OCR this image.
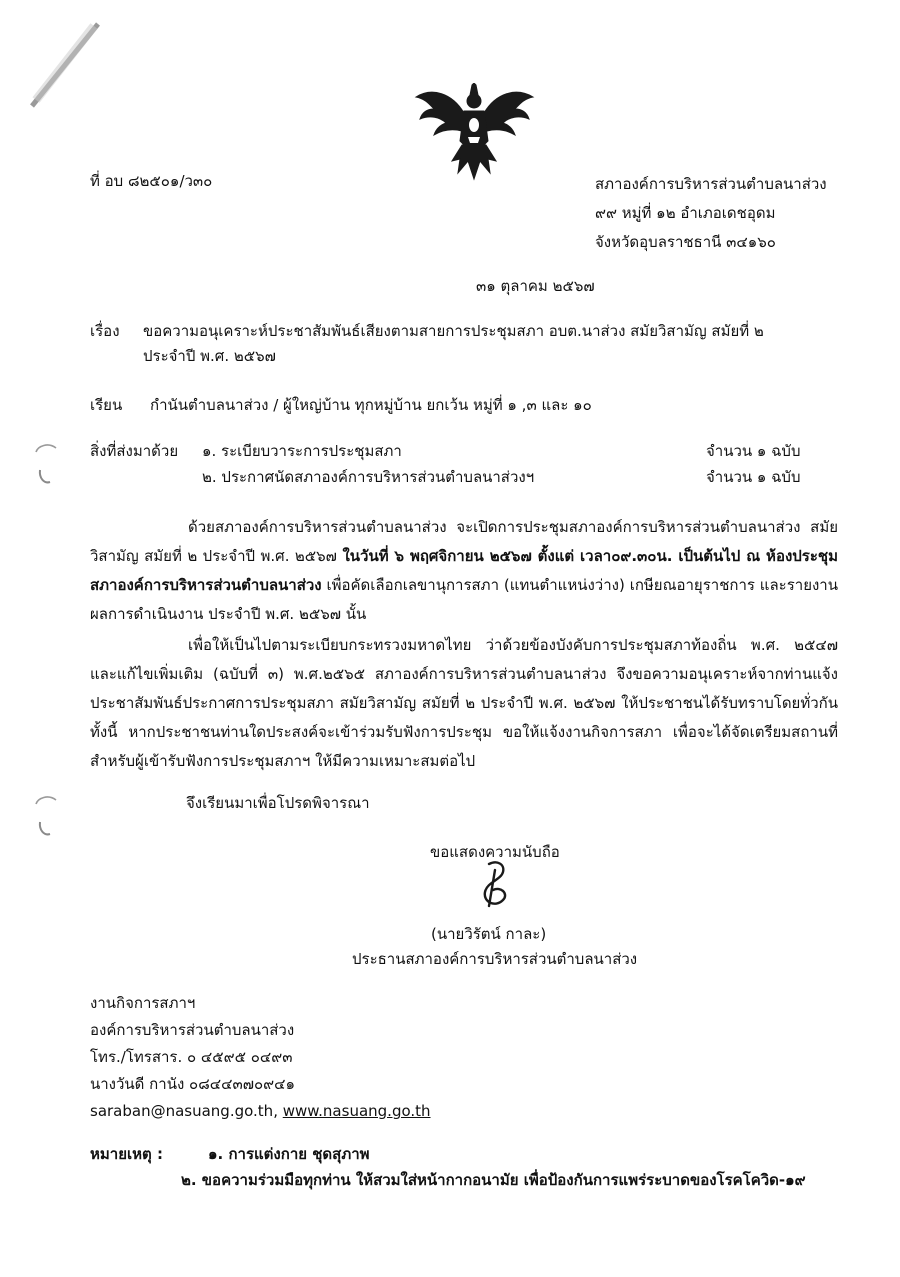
ที่ อบ ๘๒๕๐๑/ว๓๐	สภาองค์การบริหารส่วนตำบลนาส่วง
๙๙ หมู่ที่ ๑๒ อำเภอเดชอุดม
จังหวัดอุบลราชธานี ๓๔๑๖๐
๓๑ ตุลาคม ๒๕๖๗
เรื่อง ขอความอนุเคราะห์ประชาสัมพันธ์เสียงตามสายการประชุมสภา อบต.นาส่วง สมัยวิสามัญ สมัยที่ ๒
ประจำปี พ.ศ. ๒๕๖๗
เรียน กำนันตำบลนาส่วง / ผู้ใหญ่บ้าน ทุกหมู่บ้าน ยกเว้น หมู่ที่ ๑ ,๓ และ ๑๐
สิ่งที่ส่งมาด้วย ๑. ระเบียบวาระการประชุมสภา	จำนวน ๑ ฉบับ
๒. ประกาศนัดสภาองค์การบริหารส่วนตำบลนาส่วงฯ	จำนวน ๑ ฉบับ
ด้วยสภาองค์การบริหารส่วนตำบลนาส่วง จะเปิดการประชุมสภาองค์การบริหารส่วนตำบลนาส่วง สมัยวิสามัญ สมัยที่ ๒ ประจำปี พ.ศ. ๒๕๖๗ ในวันที่ ๖ พฤศจิกายน ๒๕๖๗ ตั้งแต่ เวลา๐๙.๓๐น. เป็นต้นไป ณ ห้องประชุมสภาองค์การบริหารส่วนตำบลนาส่วง เพื่อคัดเลือกเลขานุการสภา (แทนตำแหน่งว่าง) เกษียณอายุราชการ และรายงานผลการดำเนินงาน ประจำปี พ.ศ. ๒๕๖๗ นั้น
เพื่อให้เป็นไปตามระเบียบกระทรวงมหาดไทย ว่าด้วยข้องบังคับการประชุมสภาท้องถิ่น พ.ศ. ๒๕๔๗ และแก้ไขเพิ่มเติม (ฉบับที่ ๓) พ.ศ.๒๕๖๕ สภาองค์การบริหารส่วนตำบลนาส่วง จึงขอความอนุเคราะห์จากท่านแจ้งประชาสัมพันธ์ประกาศการประชุมสภา สมัยวิสามัญ สมัยที่ ๒ ประจำปี พ.ศ. ๒๕๖๗ ให้ประชาชนได้รับทราบโดยทั่วกัน ทั้งนี้ หากประชาชนท่านใดประสงค์จะเข้าร่วมรับฟังการประชุม ขอให้แจ้งงานกิจการสภา เพื่อจะได้จัดเตรียมสถานที่สำหรับผู้เข้ารับฟังการประชุมสภาฯ ให้มีความเหมาะสมต่อไป
จึงเรียนมาเพื่อโปรดพิจารณา
ขอแสดงความนับถือ
(นายวิรัตน์ กาละ)
ประธานสภาองค์การบริหารส่วนตำบลนาส่วง
งานกิจการสภาฯ
องค์การบริหารส่วนตำบลนาส่วง
โทร./โทรสาร. ๐ ๔๕๙๕ ๐๔๙๓
นางวันดี กานัง ๐๘๔๔๓๗๐๙๔๑
saraban@nasuang.go.th, www.nasuang.go.th
หมายเหตุ :	๑. การแต่งกาย ชุดสุภาพ
๒. ขอความร่วมมือทุกท่าน ให้สวมใส่หน้ากากอนามัย เพื่อป้องกันการแพร่ระบาดของโรคโควิด-๑๙
